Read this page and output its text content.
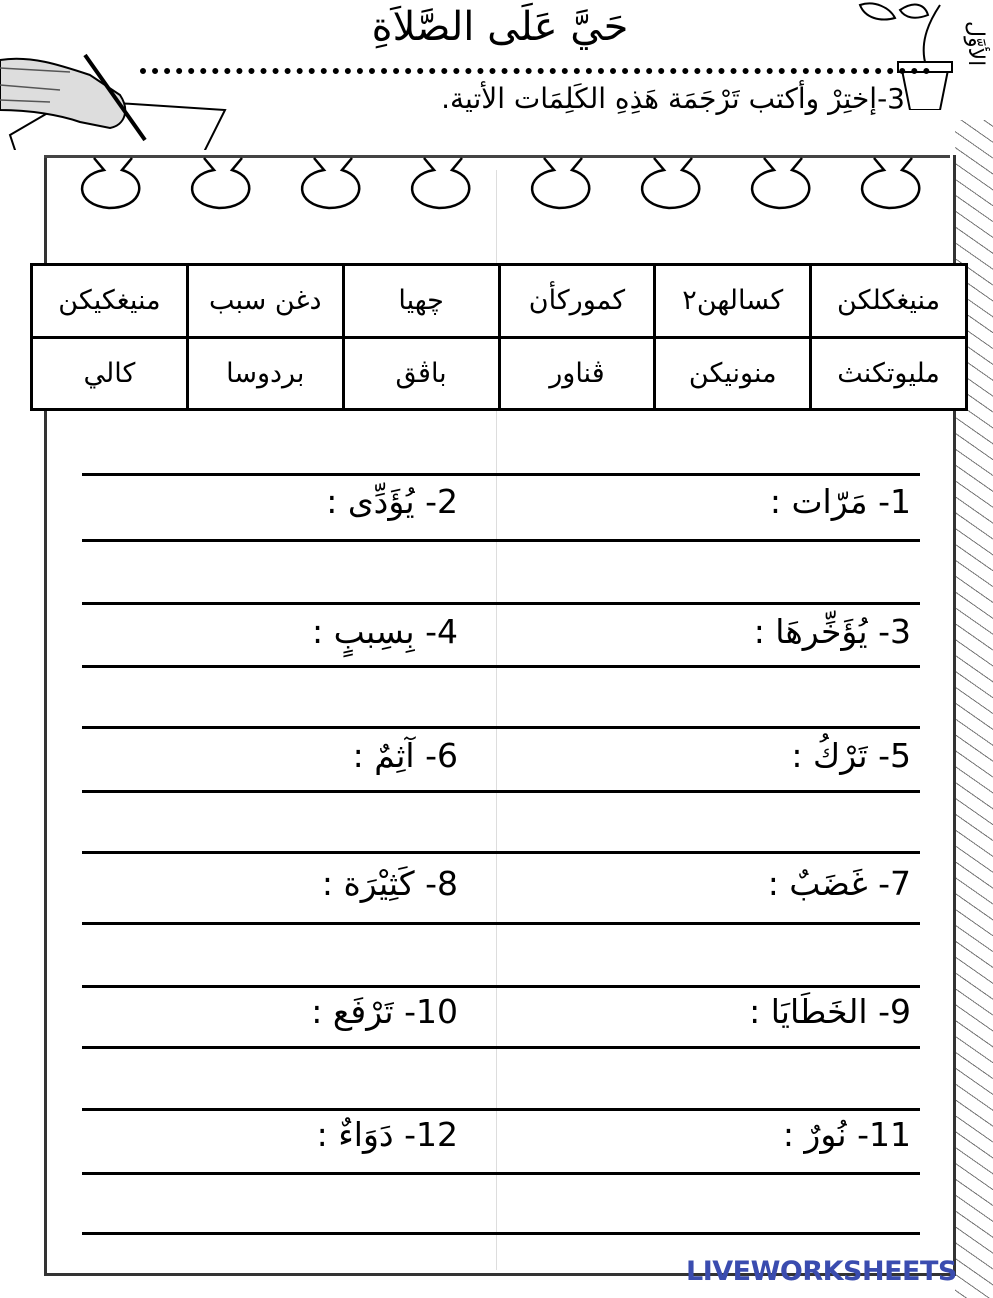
حَيَّ عَلَى الصَّلاَةِ	الأوَّل
3-إختِرْ وأكتب تَرْجَمَة هَذِهِ الكَلِمَات الأتية.
منيغكلكن	كسالهن٢	كموركأن	چهيا	دغن سبب	منيغكيكن
مليوتكنث	منونيكن	ڤناور	باڤق	بردوسا	كالي
1- مَرّات :
2- يُؤَدِّى :
3- يُؤَخِّرهَا :
4- بِسِببٍ :
5- تَرْكُ :
6- آثِمٌ :
7- غَضَبٌ :
8- كَثِيْرَة :
9- الخَطَايَا :
10- تَرْفَع :
11- نُورٌ :
12- دَوَاءٌ :
LIVEWORKSHEETS
